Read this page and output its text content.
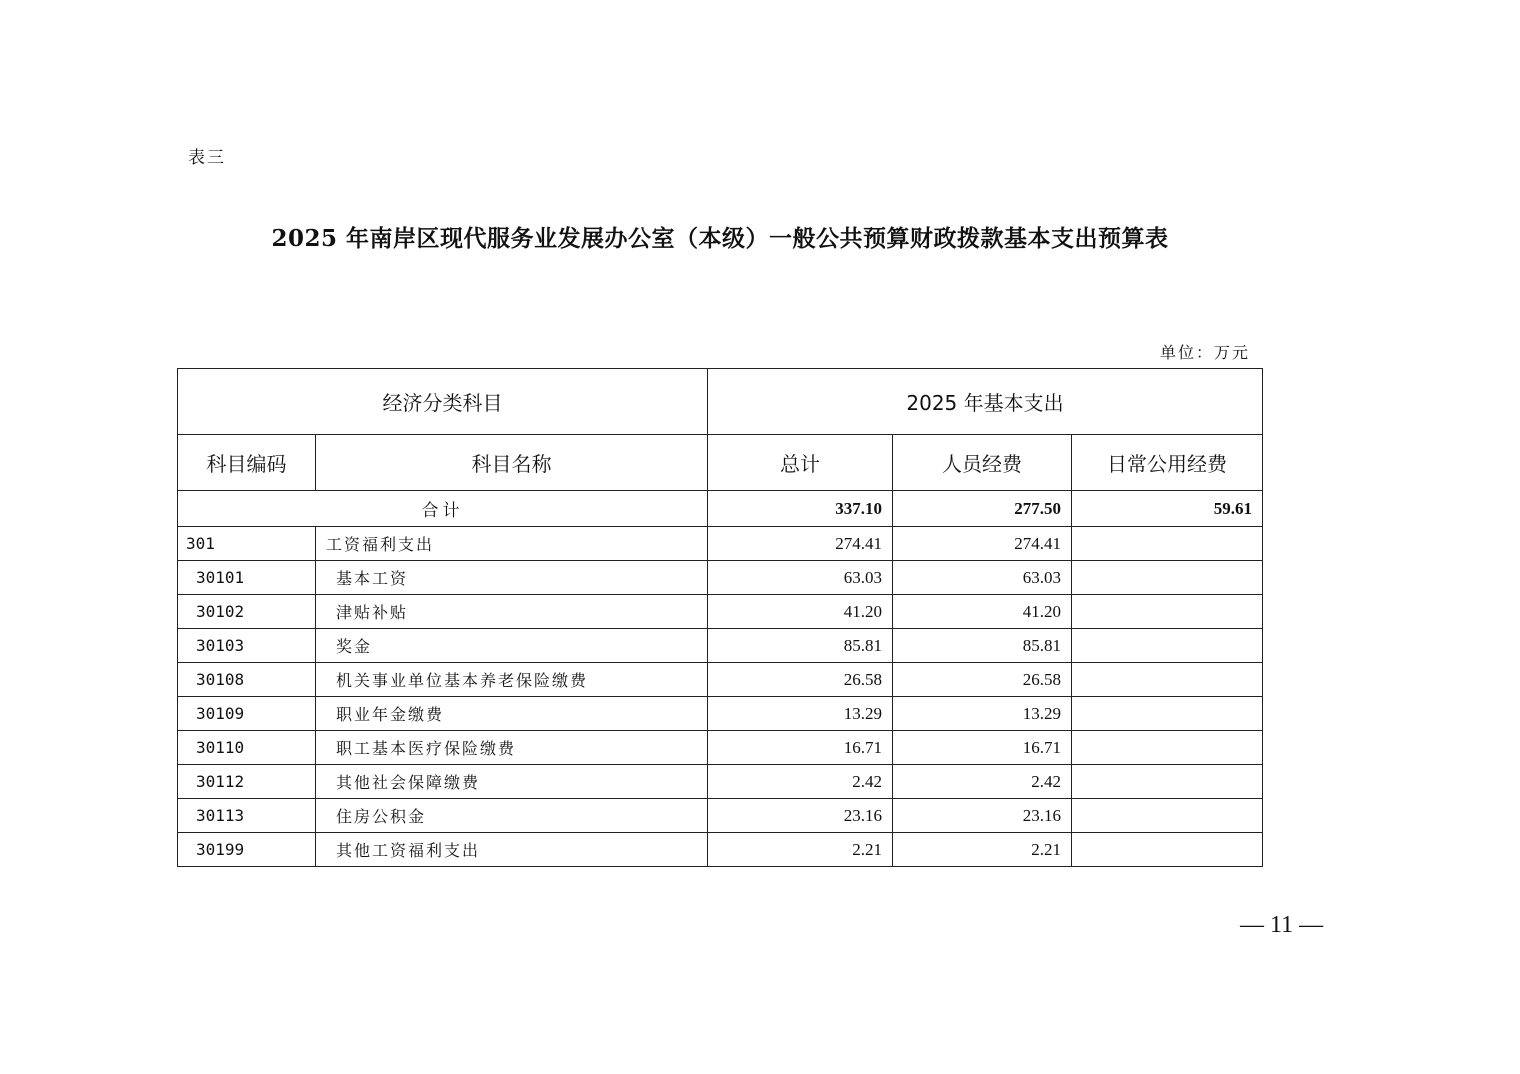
表三
2025 年南岸区现代服务业发展办公室（本级）一般公共预算财政拨款基本支出预算表
单位：万元
经济分类科目		2025 年基本支出		
科目编码	科目名称	总计	人员经费	日常公用经费
合计		337.10	277.50	59.61
301	工资福利支出	274.41	274.41	
30101	基本工资	63.03	63.03	
30102	津贴补贴	41.20	41.20	
30103	奖金	85.81	85.81	
30108	机关事业单位基本养老保险缴费	26.58	26.58	
30109	职业年金缴费	13.29	13.29	
30110	职工基本医疗保险缴费	16.71	16.71	
30112	其他社会保障缴费	2.42	2.42	
30113	住房公积金	23.16	23.16	
30199	其他工资福利支出	2.21	2.21	
— 11 —
